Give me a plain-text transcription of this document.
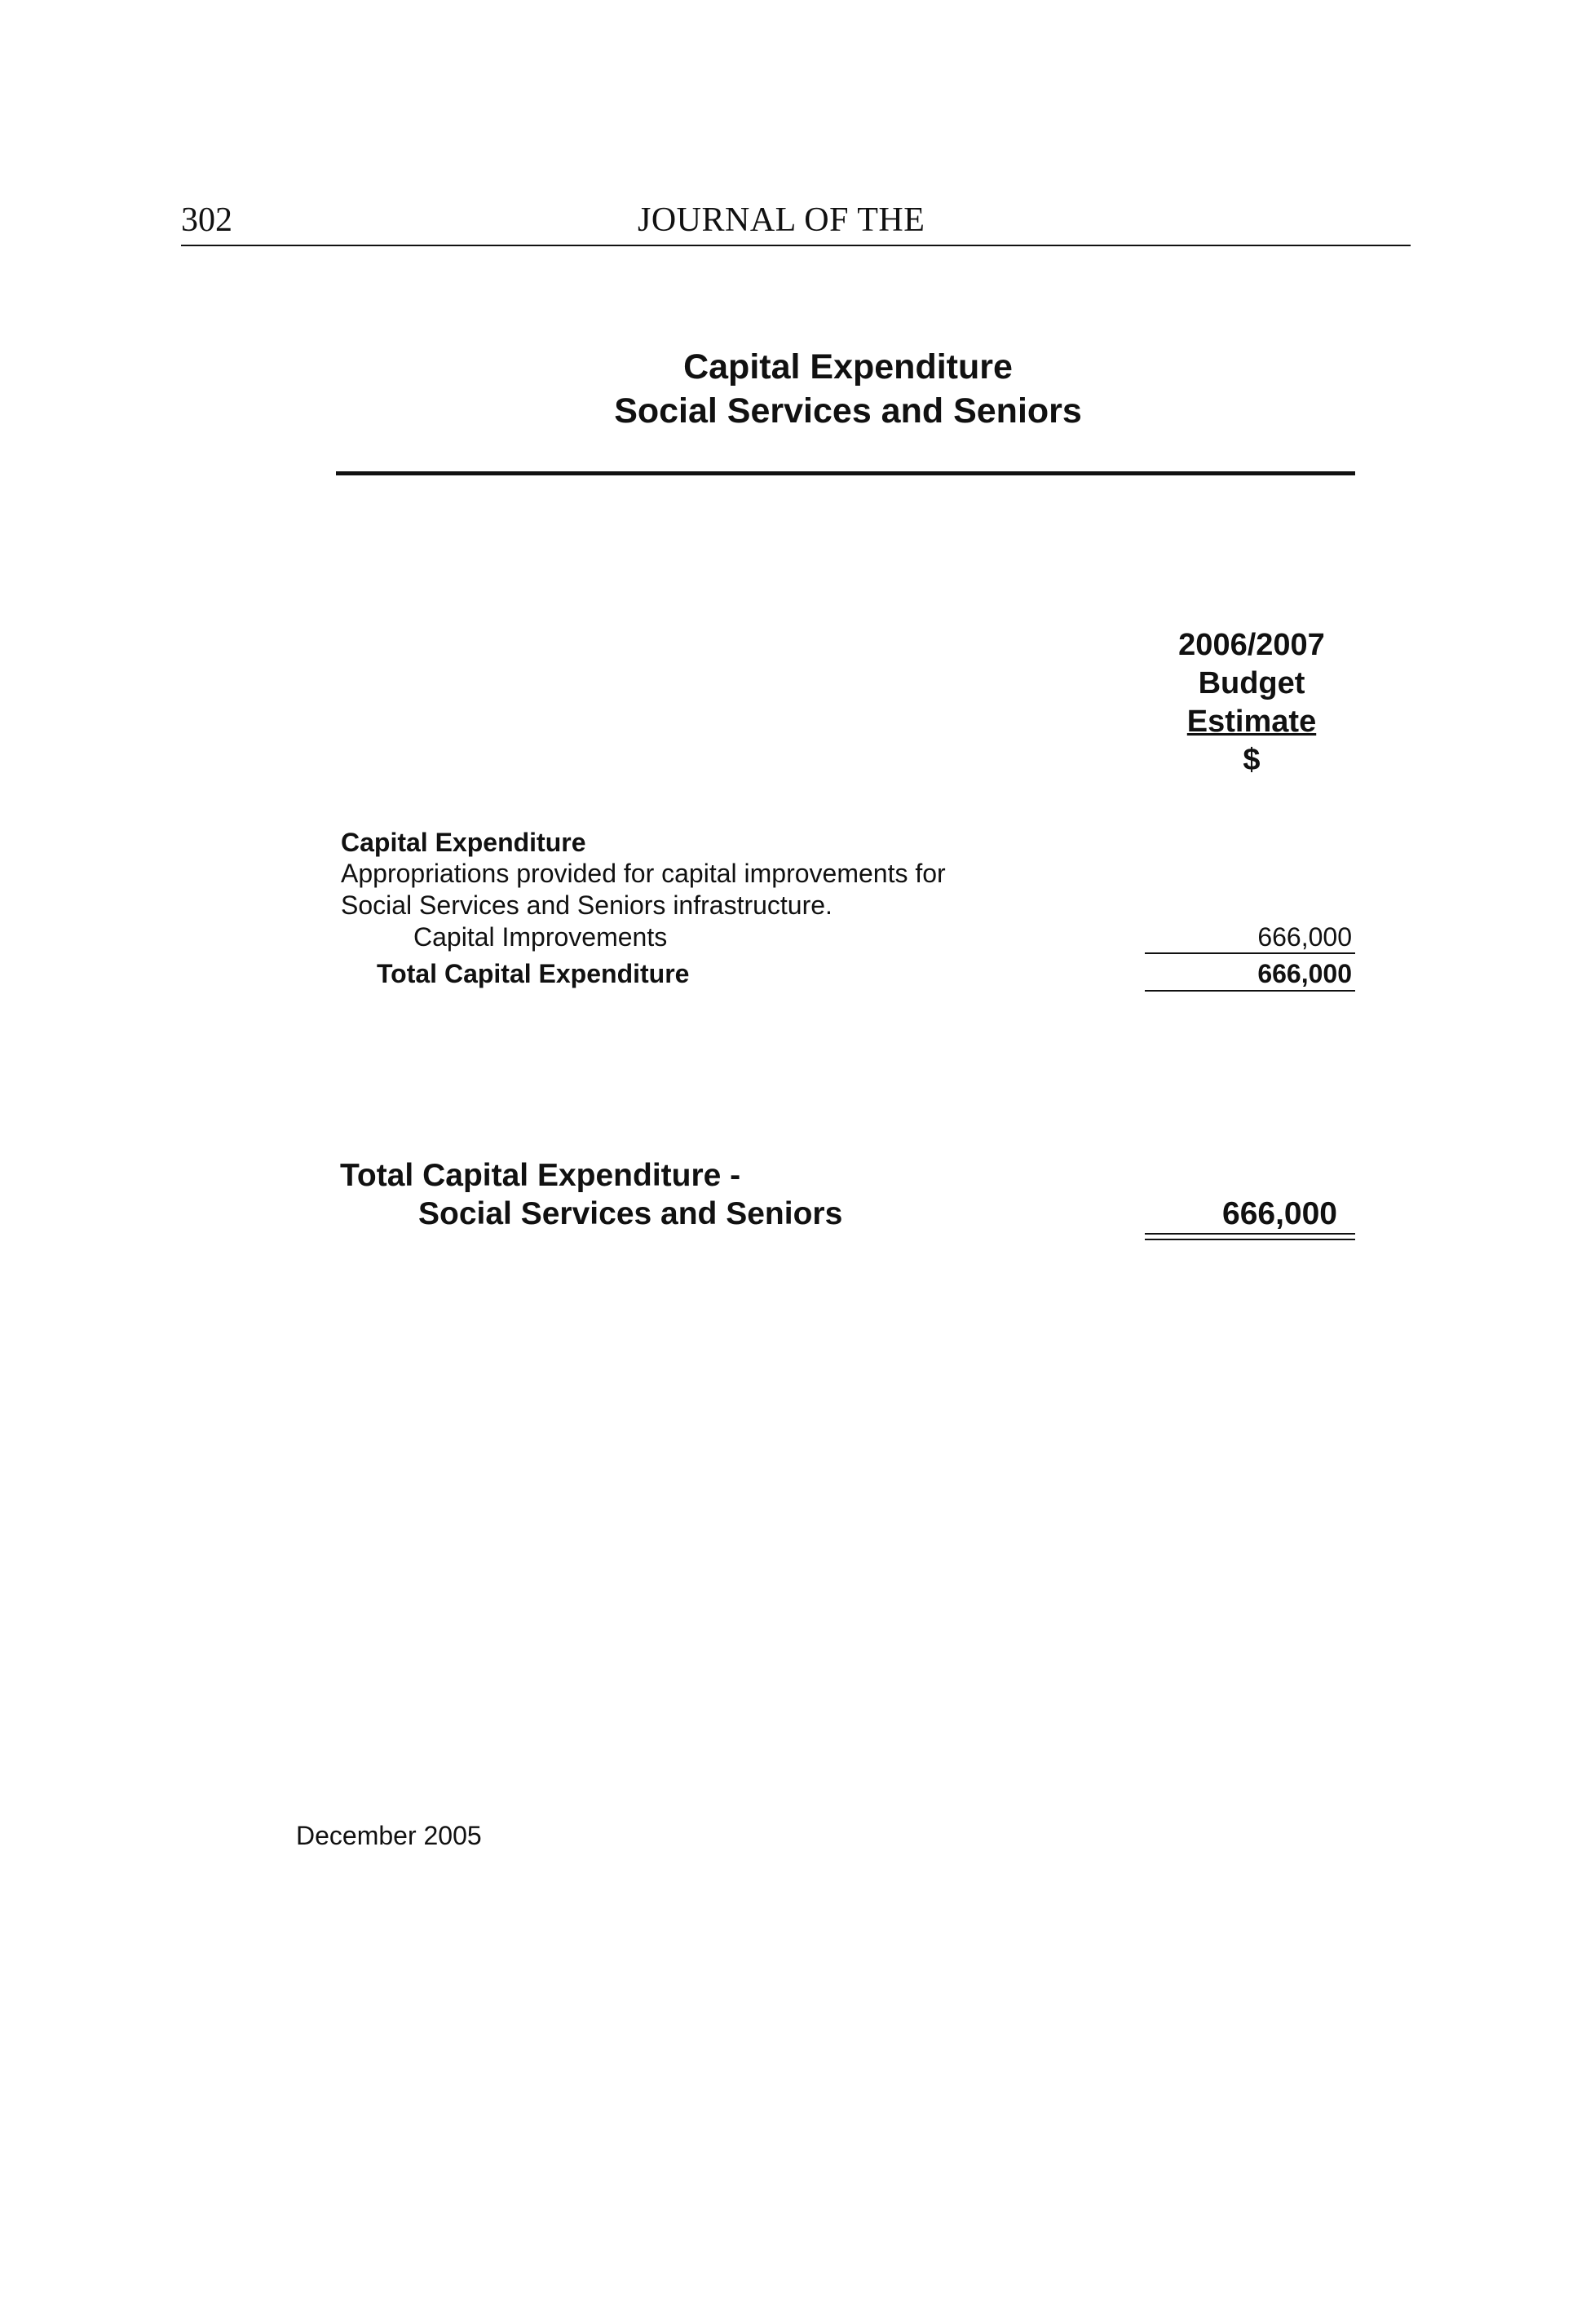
302	JOURNAL OF THE
Capital Expenditure
Social Services and Seniors
2006/2007
Budget
Estimate
$
Capital Expenditure
Appropriations provided for capital improvements for
Social Services and Seniors infrastructure.
Capital Improvements	666,000
Total Capital Expenditure	666,000
Total Capital Expenditure -
Social Services and Seniors	666,000
December 2005
